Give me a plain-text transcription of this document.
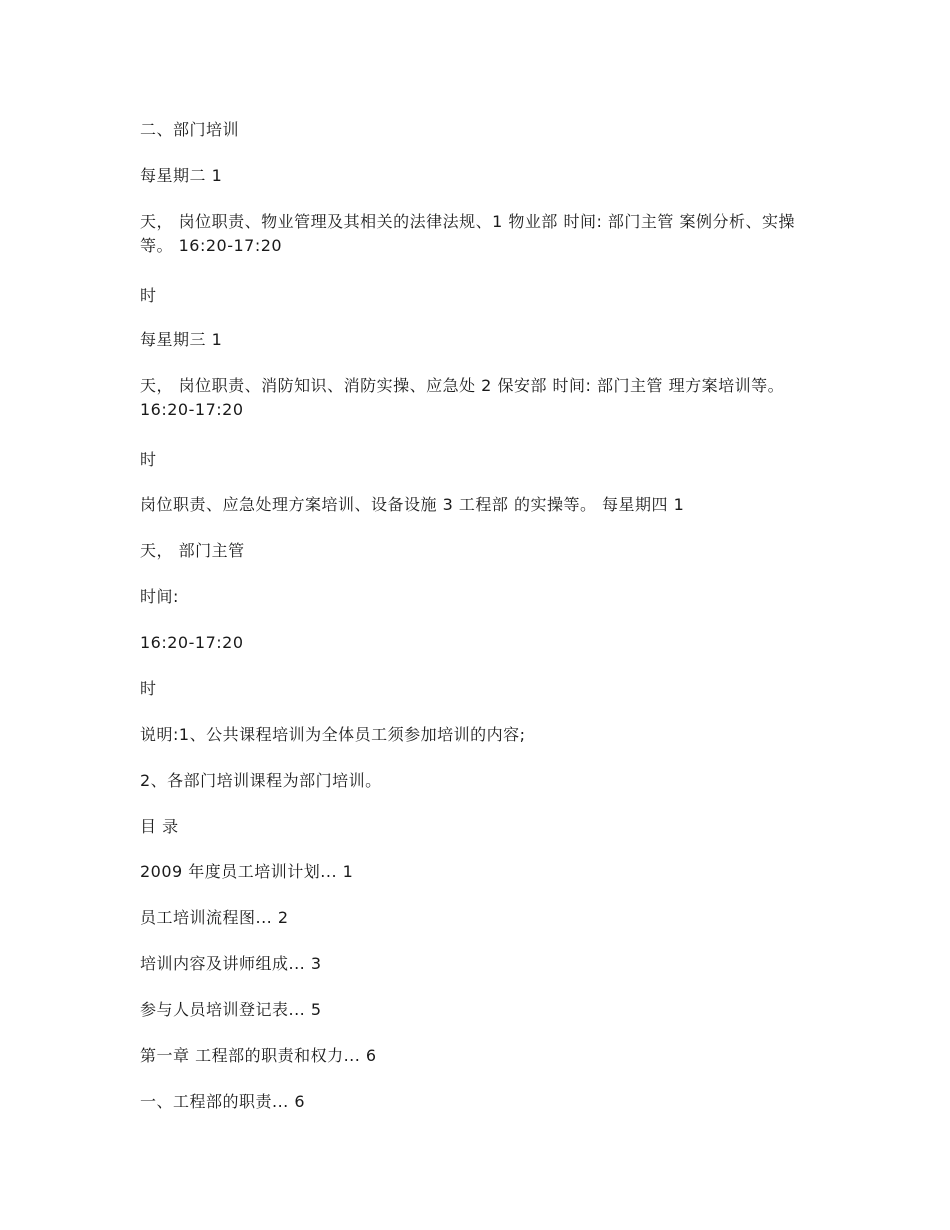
二、部门培训
每星期二 1
天， 岗位职责、物业管理及其相关的法律法规、1 物业部 时间: 部门主管 案例分析、实操等。 16:20-17:20
时
每星期三 1
天， 岗位职责、消防知识、消防实操、应急处 2 保安部 时间: 部门主管 理方案培训等。 16:20-17:20
时
岗位职责、应急处理方案培训、设备设施 3 工程部 的实操等。 每星期四 1
天， 部门主管
时间:
16:20-17:20
时
说明:1、公共课程培训为全体员工须参加培训的内容;
2、各部门培训课程为部门培训。
目 录
2009 年度员工培训计划... 1
员工培训流程图... 2
培训内容及讲师组成... 3
参与人员培训登记表... 5
第一章 工程部的职责和权力... 6
一、工程部的职责... 6
